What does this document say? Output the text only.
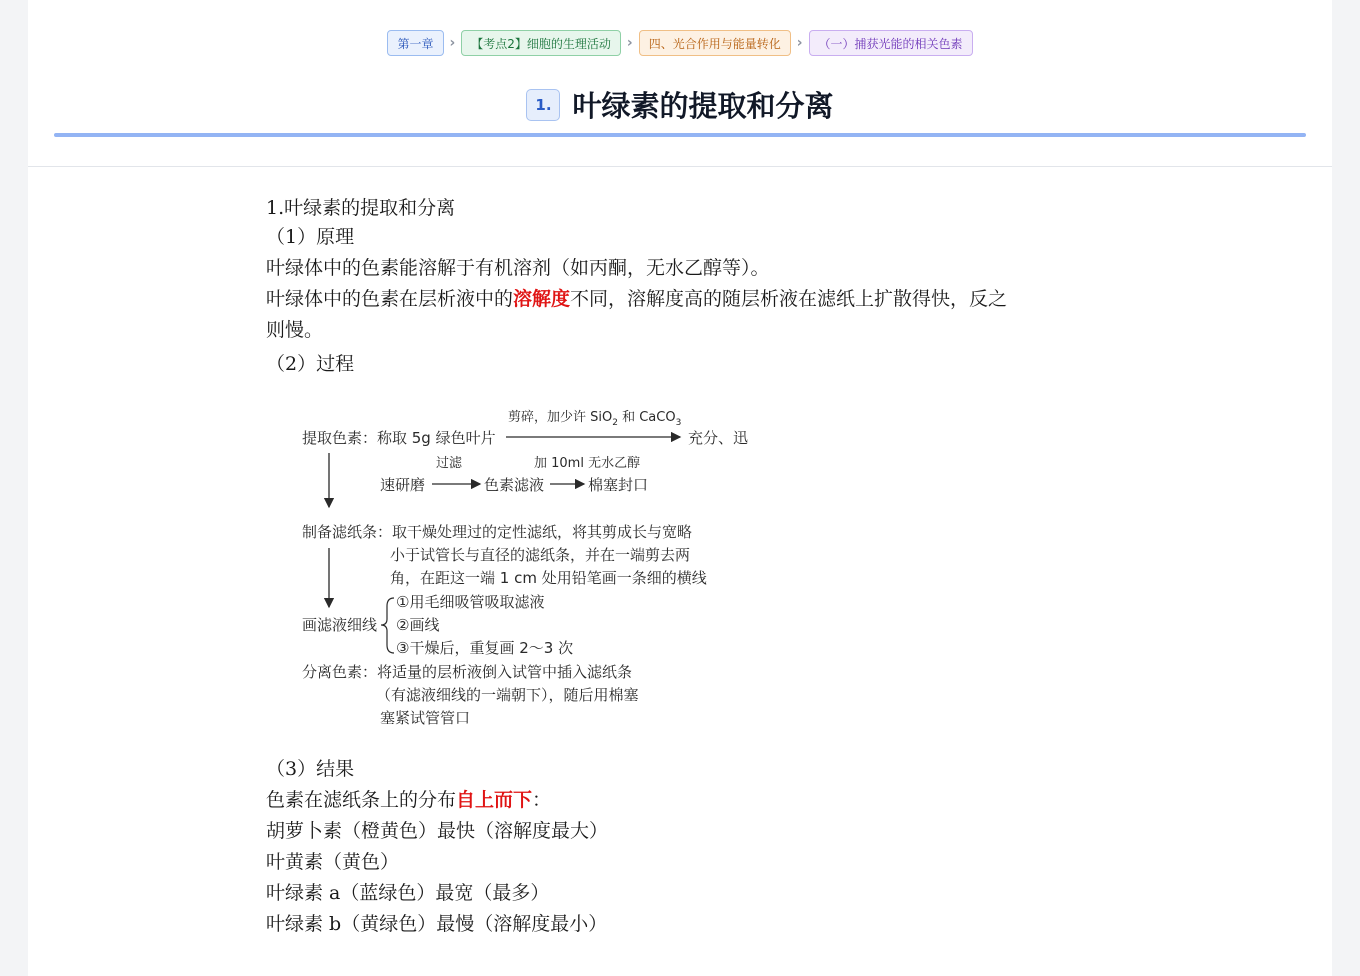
第一章	›	【考点2】细胞的生理活动	›	四、光合作用与能量转化	›	（一）捕获光能的相关色素
1. 叶绿素的提取和分离
1.叶绿素的提取和分离
（1）原理
叶绿体中的色素能溶解于有机溶剂（如丙酮，无水乙醇等）。
叶绿体中的色素在层析液中的溶解度不同，溶解度高的随层析液在滤纸上扩散得快，反之
则慢。
（2）过程
剪碎，加少许 SiO$_2$ 和 CaCO$_3$
提取色素：称取 5g 绿色叶片	充分、迅
过滤	加 10ml 无水乙醇
速研磨	色素滤液	棉塞封口
制备滤纸条：取干燥处理过的定性滤纸，将其剪成长与宽略
小于试管长与直径的滤纸条，并在一端剪去两
角，在距这一端 1 cm 处用铅笔画一条细的横线
画滤液细线
①用毛细吸管吸取滤液
②画线
③干燥后，重复画 2～3 次
分离色素：将适量的层析液倒入试管中插入滤纸条
（有滤液细线的一端朝下），随后用棉塞
塞紧试管管口
（3）结果
色素在滤纸条上的分布自上而下：
胡萝卜素（橙黄色）最快（溶解度最大）
叶黄素（黄色）
叶绿素 a（蓝绿色）最宽（最多）
叶绿素 b（黄绿色）最慢（溶解度最小）
